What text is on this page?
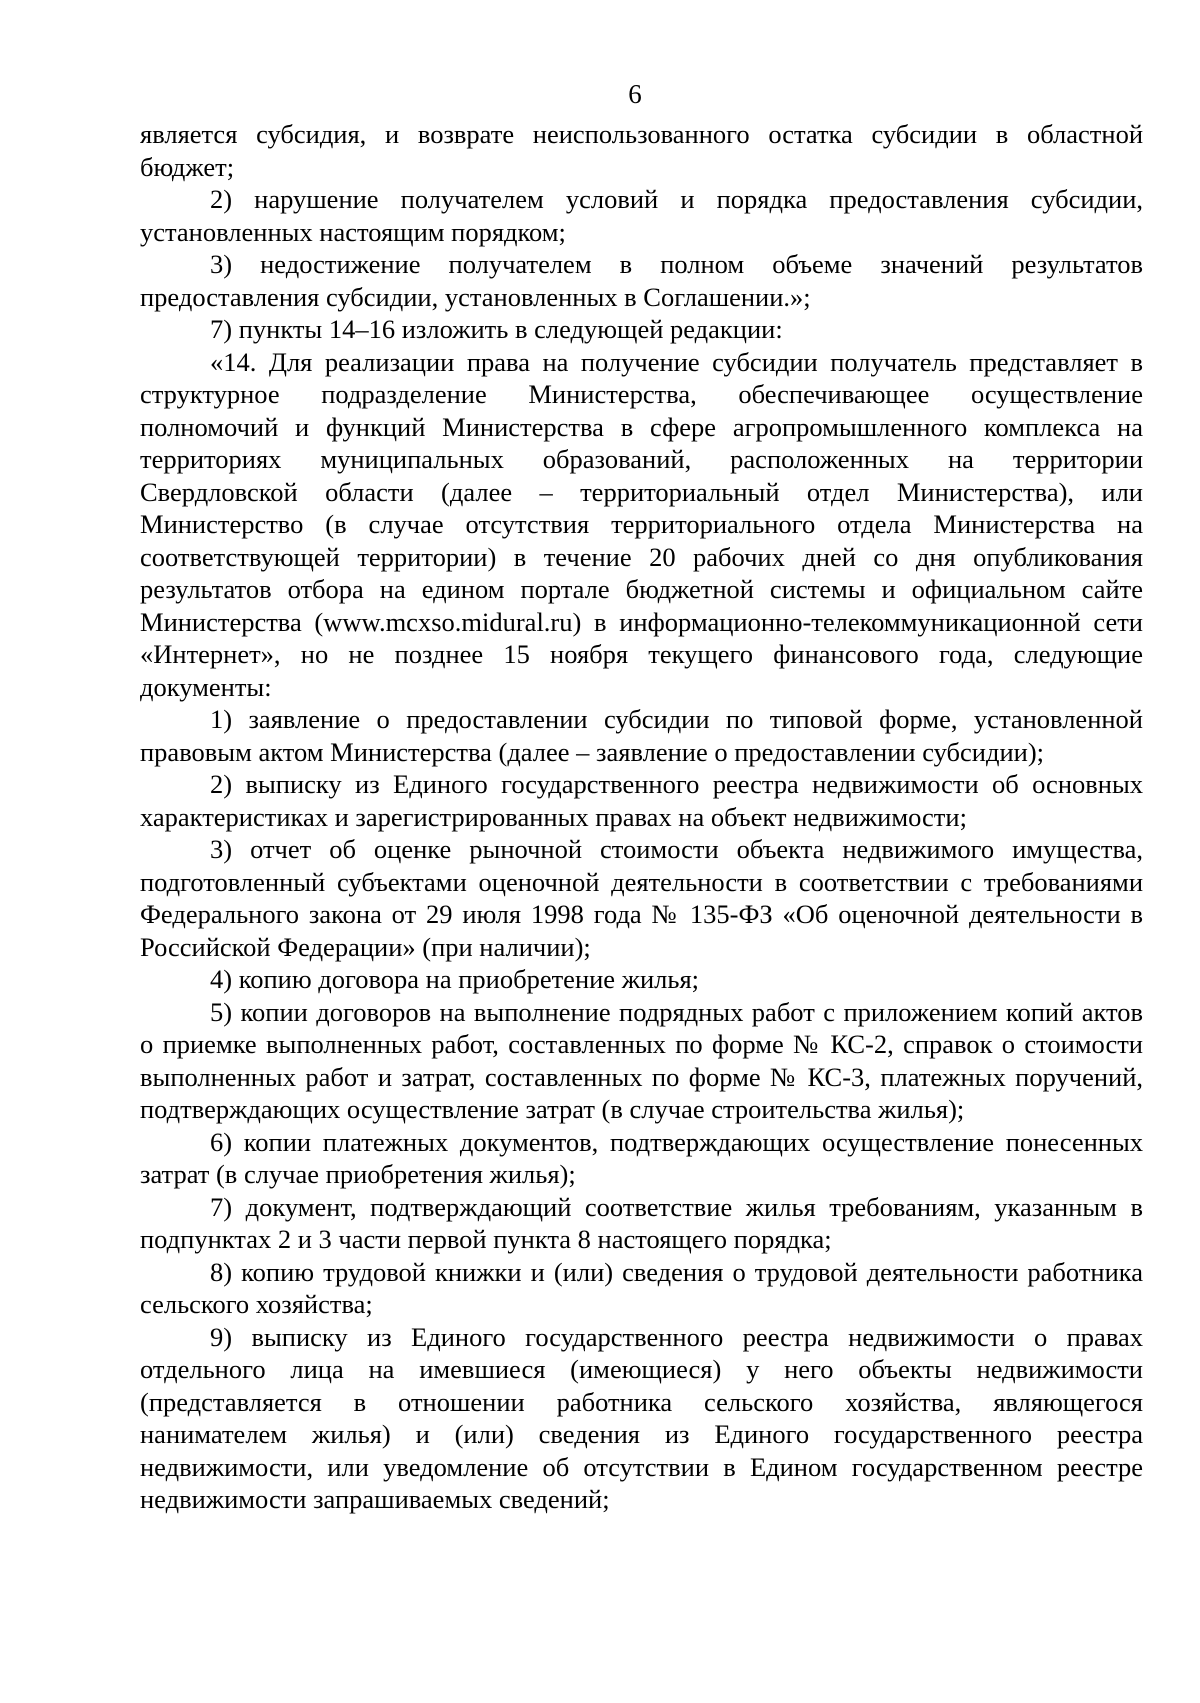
6

является субсидия, и возврате неиспользованного остатка субсидии в областной бюджет;

2) нарушение получателем условий и порядка предоставления субсидии, установленных настоящим порядком;

3) недостижение получателем в полном объеме значений результатов предоставления субсидии, установленных в Соглашении.»;

7) пункты 14–16 изложить в следующей редакции:

«14. Для реализации права на получение субсидии получатель представляет в структурное подразделение Министерства, обеспечивающее осуществление полномочий и функций Министерства в сфере агропромышленного комплекса на территориях муниципальных образований, расположенных на территории Свердловской области (далее – территориальный отдел Министерства), или Министерство (в случае отсутствия территориального отдела Министерства на соответствующей территории) в течение 20 рабочих дней со дня опубликования результатов отбора на едином портале бюджетной системы и официальном сайте Министерства (www.mcxso.midural.ru) в информационно-телекоммуникационной сети «Интернет», но не позднее 15 ноября текущего финансового года, следующие документы:

1) заявление о предоставлении субсидии по типовой форме, установленной правовым актом Министерства (далее – заявление о предоставлении субсидии);

2) выписку из Единого государственного реестра недвижимости об основных характеристиках и зарегистрированных правах на объект недвижимости;

3) отчет об оценке рыночной стоимости объекта недвижимого имущества, подготовленный субъектами оценочной деятельности в соответствии с требованиями Федерального закона от 29 июля 1998 года № 135-ФЗ «Об оценочной деятельности в Российской Федерации» (при наличии);

4) копию договора на приобретение жилья;

5) копии договоров на выполнение подрядных работ с приложением копий актов о приемке выполненных работ, составленных по форме № КС-2, справок о стоимости выполненных работ и затрат, составленных по форме № КС-3, платежных поручений, подтверждающих осуществление затрат (в случае строительства жилья);

6) копии платежных документов, подтверждающих осуществление понесенных затрат (в случае приобретения жилья);

7) документ, подтверждающий соответствие жилья требованиям, указанным в подпунктах 2 и 3 части первой пункта 8 настоящего порядка;

8) копию трудовой книжки и (или) сведения о трудовой деятельности работника сельского хозяйства;

9) выписку из Единого государственного реестра недвижимости о правах отдельного лица на имевшиеся (имеющиеся) у него объекты недвижимости (представляется в отношении работника сельского хозяйства, являющегося нанимателем жилья) и (или) сведения из Единого государственного реестра недвижимости, или уведомление об отсутствии в Едином государственном реестре недвижимости запрашиваемых сведений;
